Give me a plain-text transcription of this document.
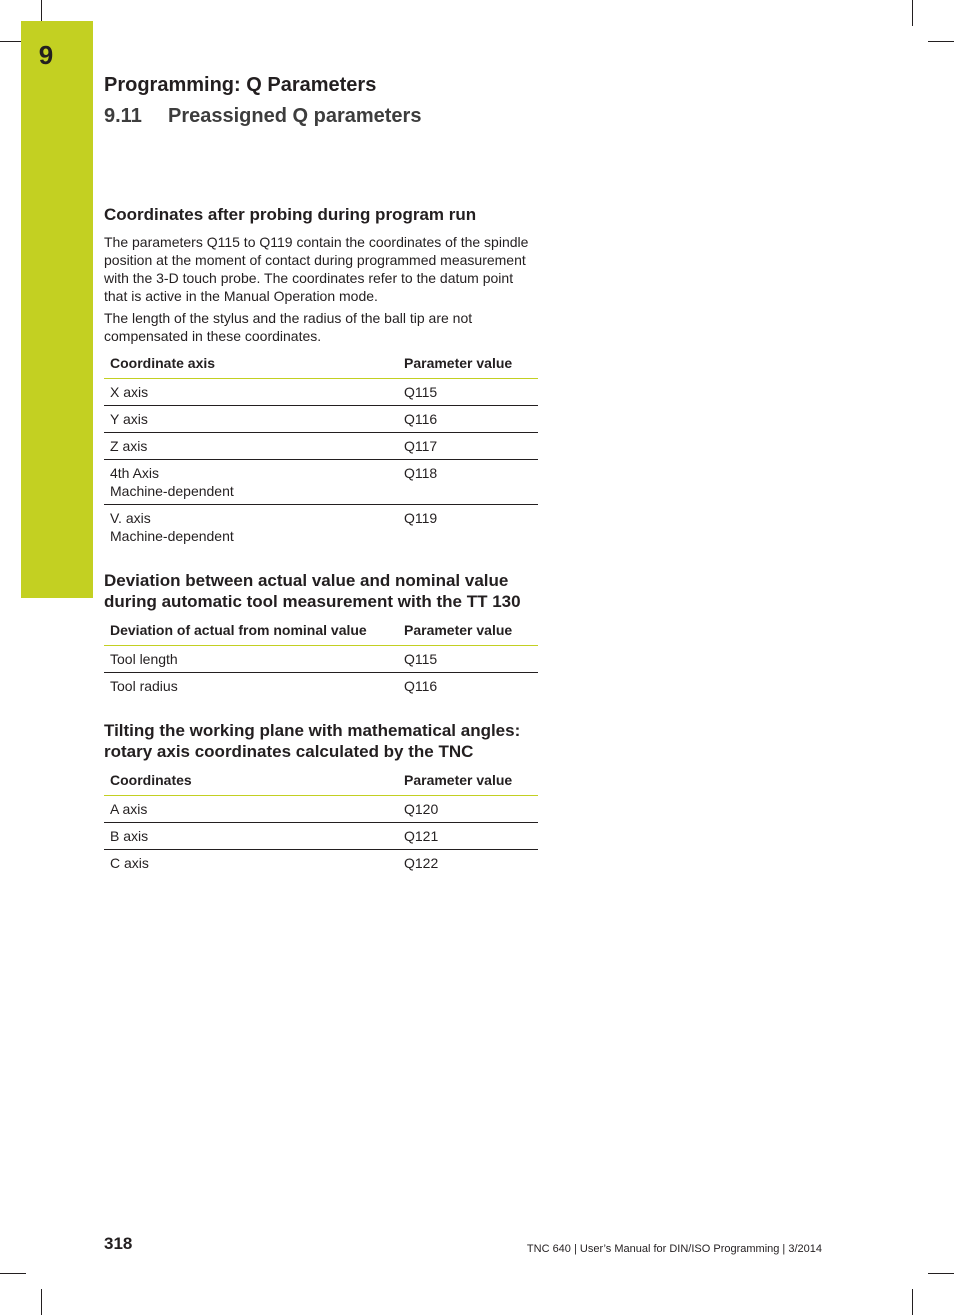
9
Programming: Q Parameters
9.11 Preassigned Q parameters
Coordinates after probing during program run

The parameters Q115 to Q119 contain the coordinates of the spindle position at the moment of contact during programmed measurement with the 3-D touch probe. The coordinates refer to the datum point that is active in the Manual Operation mode.

The length of the stylus and the radius of the ball tip are not compensated in these coordinates.

Coordinate axis	Parameter value
X axis	Q115
Y axis	Q116
Z axis	Q117

4th Axis
Machine-dependent	Q118

V. axis
Machine-dependent	Q119
Deviation between actual value and nominal value
during automatic tool measurement with the TT 130
Deviation of actual from nominal value	Parameter value
Tool length	Q115
Tool radius	Q116
Tilting the working plane with mathematical angles:
rotary axis coordinates calculated by the TNC
Coordinates	Parameter value
A axis	Q120
B axis	Q121
C axis	Q122
318	TNC 640 | User’s Manual for DIN/ISO Programming | 3/2014
